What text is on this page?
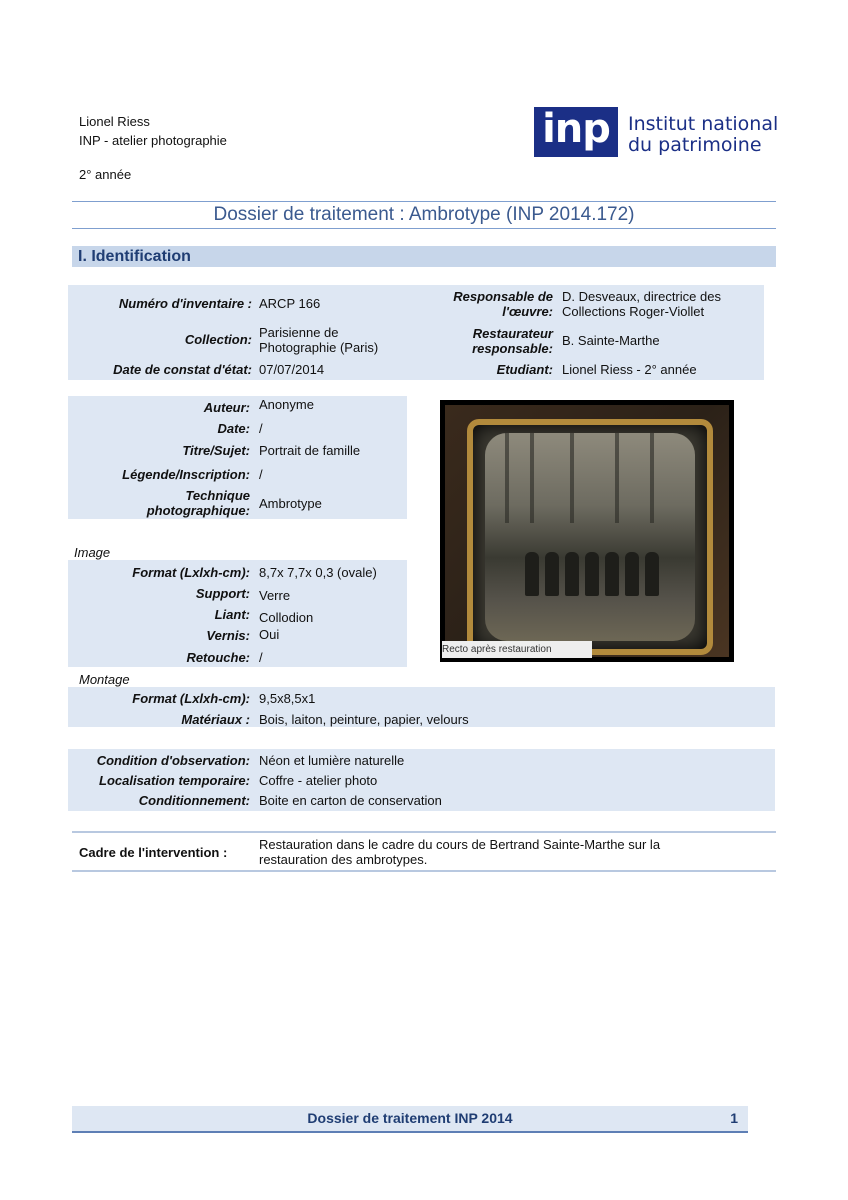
Lionel Riess
INP - atelier photographie
2° année
inp Institut national
du patrimoine
Dossier de traitement : Ambrotype (INP 2014.172)
I. Identification
Numéro d'inventaire : ARCP 166
Collection: Parisienne de Photographie (Paris)
Date de constat d'état: 07/07/2014
Responsable de l'œuvre:
D. Desveaux, directrice des Collections Roger-Viollet
Restaurateur responsable:
B. Sainte-Marthe
Etudiant: Lionel Riess - 2° année
Auteur: Anonyme
Date: /
Titre/Sujet: Portrait de famille
Légende/Inscription: /
Technique photographique: Ambrotype
Image
Format (Lxlxh-cm): 8,7x 7,7x 0,3 (ovale)
Support: Verre
Liant: Collodion
Vernis: Oui
Retouche: /
Recto après restauration
Montage
Format (Lxlxh-cm): 9,5x8,5x1
Matériaux : Bois, laiton, peinture, papier, velours
Condition d'observation: Néon et lumière naturelle
Localisation temporaire: Coffre - atelier photo
Conditionnement: Boite en carton de conservation
Cadre de l'intervention :
Restauration dans le cadre du cours de Bertrand Sainte-Marthe sur la restauration des ambrotypes.
Dossier de traitement INP 2014	1
